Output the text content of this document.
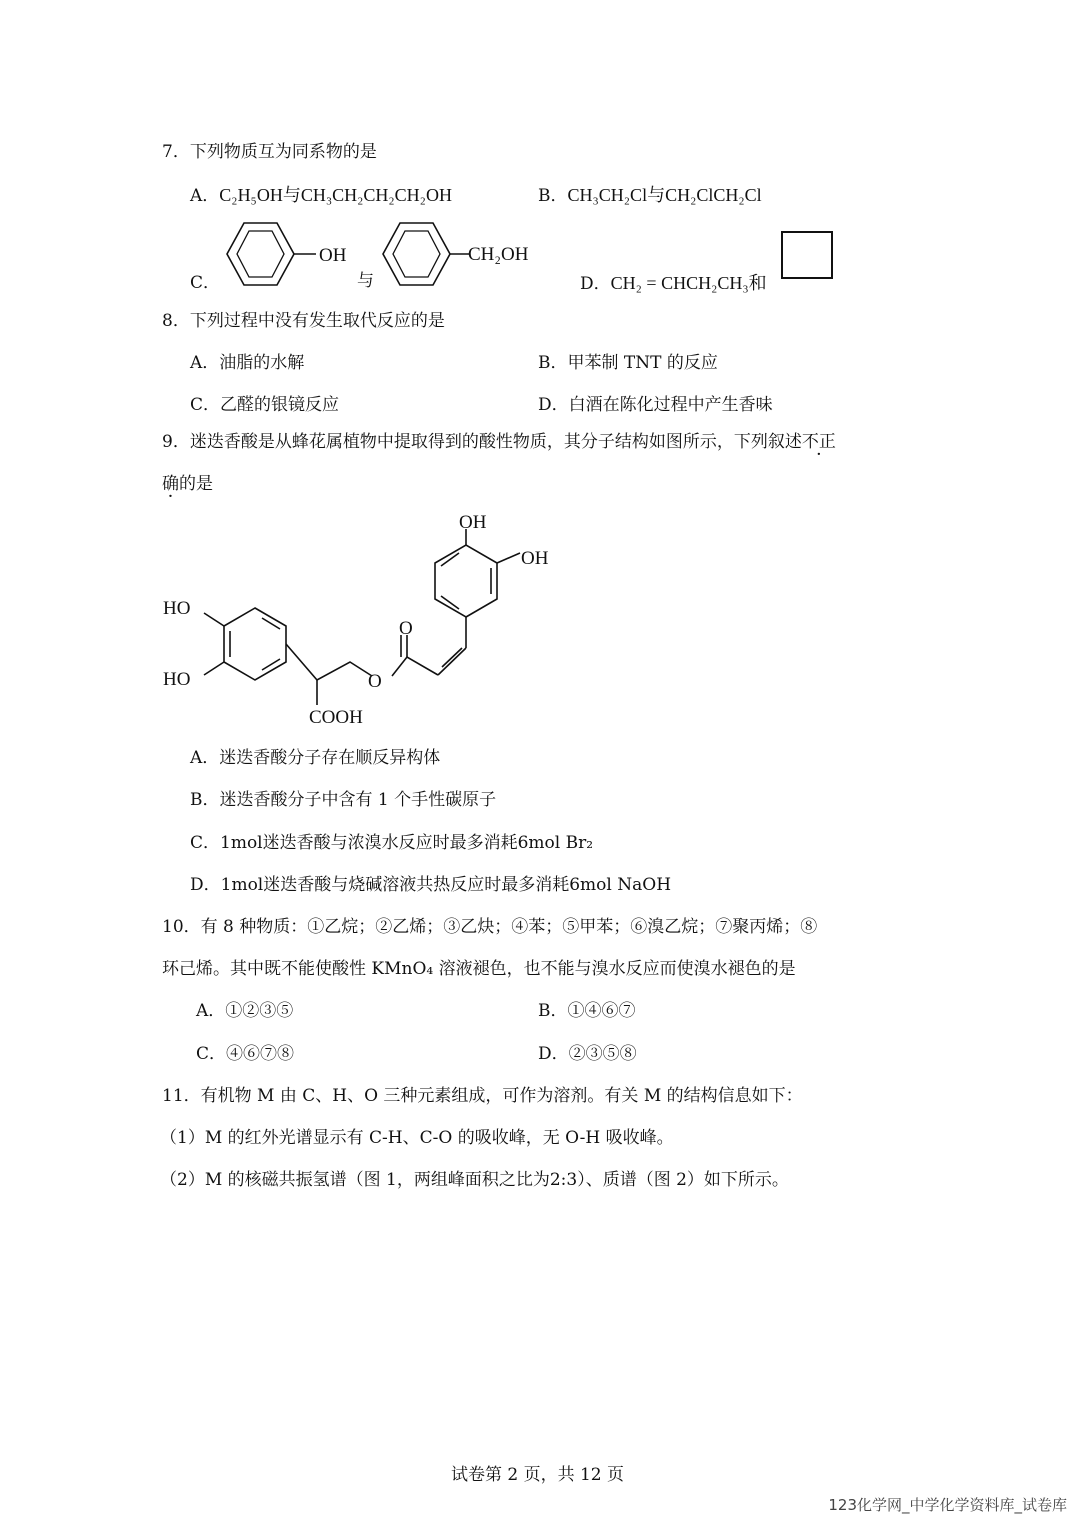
7．下列物质互为同系物的是
A．C₂H₅OH与CH₃CH₂CH₂CH₂OH	B．CH₃CH₂Cl与CH₂ClCH₂Cl
C．
OH
与
CH₂OH
D．CH₂ = CHCH₂CH₃和
8．下列过程中没有发生取代反应的是
A．油脂的水解	B．甲苯制 TNT 的反应
C．乙醛的银镜反应	D．白酒在陈化过程中产生香味
9．迷迭香酸是从蜂花属植物中提取得到的酸性物质，其分子结构如图所示，下列叙述不正
确的是
OH
OH
HO
HO
O
O
COOH
A．迷迭香酸分子存在顺反异构体
B．迷迭香酸分子中含有 1 个手性碳原子
C．1mol迷迭香酸与浓溴水反应时最多消耗6mol Br₂
D．1mol迷迭香酸与烧碱溶液共热反应时最多消耗6mol NaOH
10．有 8 种物质：①乙烷；②乙烯；③乙炔；④苯；⑤甲苯；⑥溴乙烷；⑦聚丙烯；⑧
环己烯。其中既不能使酸性 KMnO₄ 溶液褪色，也不能与溴水反应而使溴水褪色的是
A．①②③⑤	B．①④⑥⑦
C．④⑥⑦⑧	D．②③⑤⑧
11．有机物 M 由 C、H、O 三种元素组成，可作为溶剂。有关 M 的结构信息如下：
（1）M 的红外光谱显示有 C-H、C-O 的吸收峰，无 O-H 吸收峰。
（2）M 的核磁共振氢谱（图 1，两组峰面积之比为2:3）、质谱（图 2）如下所示。
试卷第 2 页，共 12 页
123化学网_中学化学资料库_试卷库
